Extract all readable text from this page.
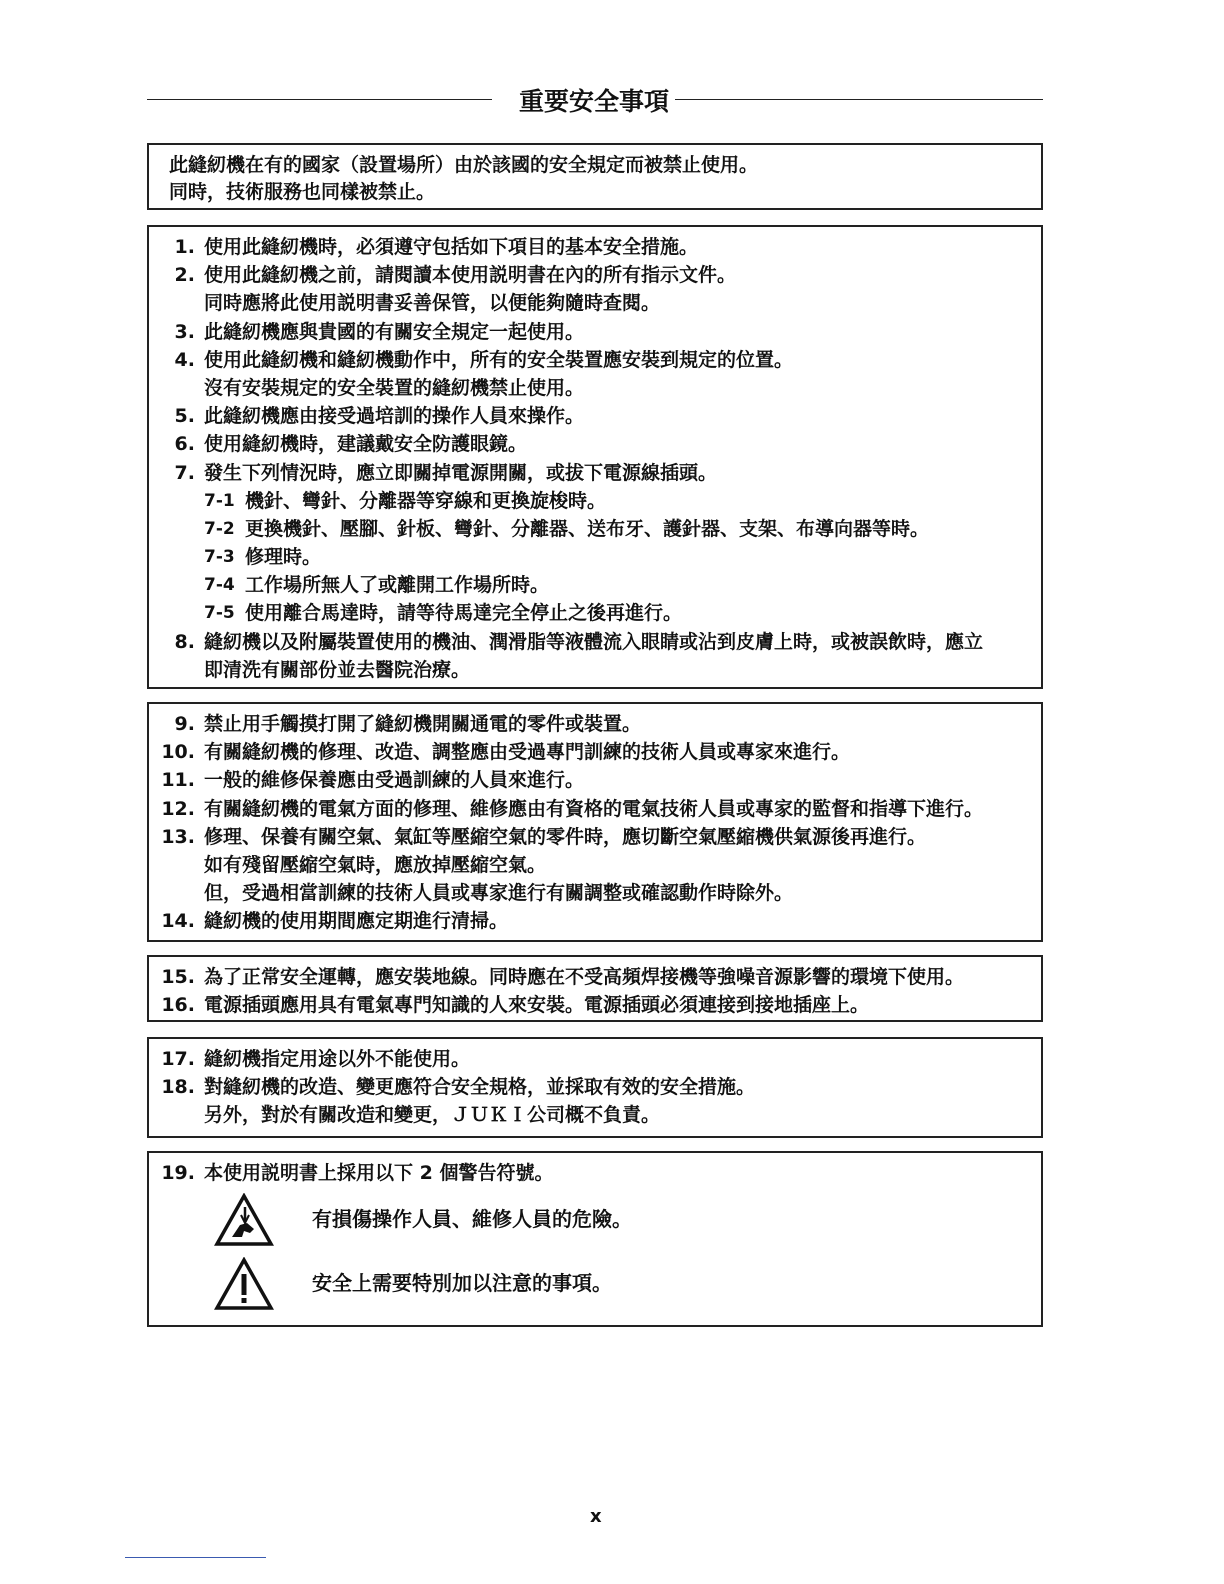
重要安全事項
此縫紉機在有的國家（設置場所）由於該國的安全規定而被禁止使用。
同時，技術服務也同樣被禁止。
1. 使用此縫紉機時，必須遵守包括如下項目的基本安全措施。
2. 使用此縫紉機之前，請閱讀本使用説明書在內的所有指示文件。
同時應將此使用説明書妥善保管，以便能夠隨時查閱。
3. 此縫紉機應與貴國的有關安全規定一起使用。
4. 使用此縫紉機和縫紉機動作中，所有的安全裝置應安裝到規定的位置。
沒有安裝規定的安全裝置的縫紉機禁止使用。
5. 此縫紉機應由接受過培訓的操作人員來操作。
6. 使用縫紉機時，建議戴安全防護眼鏡。
7. 發生下列情況時，應立即關掉電源開關，或拔下電源線插頭。
7-1 機針、彎針、分離器等穿線和更換旋梭時。
7-2 更換機針、壓腳、針板、彎針、分離器、送布牙、護針器、支架、布導向器等時。
7-3 修理時。
7-4 工作場所無人了或離開工作場所時。
7-5 使用離合馬達時，請等待馬達完全停止之後再進行。
8. 縫紉機以及附屬裝置使用的機油、潤滑脂等液體流入眼睛或沾到皮膚上時，或被誤飲時，應立
即清洗有關部份並去醫院治療。
9. 禁止用手觸摸打開了縫紉機開關通電的零件或裝置。
10. 有關縫紉機的修理、改造、調整應由受過專門訓練的技術人員或專家來進行。
11. 一般的維修保養應由受過訓練的人員來進行。
12. 有關縫紉機的電氣方面的修理、維修應由有資格的電氣技術人員或專家的監督和指導下進行。
13. 修理、保養有關空氣、氣缸等壓縮空氣的零件時，應切斷空氣壓縮機供氣源後再進行。
如有殘留壓縮空氣時，應放掉壓縮空氣。
但，受過相當訓練的技術人員或專家進行有關調整或確認動作時除外。
14. 縫紉機的使用期間應定期進行清掃。
15. 為了正常安全運轉，應安裝地線。同時應在不受高頻焊接機等強噪音源影響的環境下使用。
16. 電源插頭應用具有電氣專門知識的人來安裝。電源插頭必須連接到接地插座上。
17. 縫紉機指定用途以外不能使用。
18. 對縫紉機的改造、變更應符合安全規格，並採取有效的安全措施。
另外，對於有關改造和變更，ＪＵＫＩ公司概不負責。
19. 本使用説明書上採用以下 2 個警告符號。
有損傷操作人員、維修人員的危險。
安全上需要特別加以注意的事項。
x
